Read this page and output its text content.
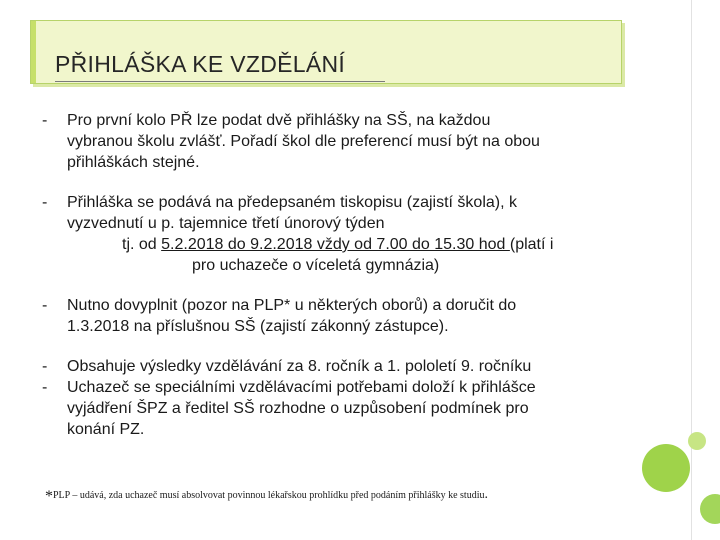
PŘIHLÁŠKA KE VZDĚLÁNÍ
- Pro první kolo PŘ lze podat dvě přihlášky na SŠ, na každou
vybranou školu zvlášť. Pořadí škol dle preferencí musí být na obou
přihláškách stejné.
- Přihláška se podává na předepsaném tiskopisu (zajistí škola), k
vyzvednutí u p. tajemnice třetí únorový týden
tj. od 5.2.2018 do 9.2.2018 vždy od 7.00 do 15.30 hod (platí i
pro uchazeče o víceletá gymnázia)
- Nutno dovyplnit (pozor na PLP* u některých oborů) a doručit do
1.3.2018 na příslušnou SŠ (zajistí zákonný zástupce).
- Obsahuje výsledky vzdělávání za 8. ročník a 1. pololetí 9. ročníku
- Uchazeč se speciálními vzdělávacími potřebami doloží k přihlášce
vyjádření ŠPZ a ředitel SŠ rozhodne o uzpůsobení podmínek pro
konání PZ.
*PLP – udává, zda uchazeč musí absolvovat povinnou lékařskou prohlídku před podáním přihlášky ke studiu.
